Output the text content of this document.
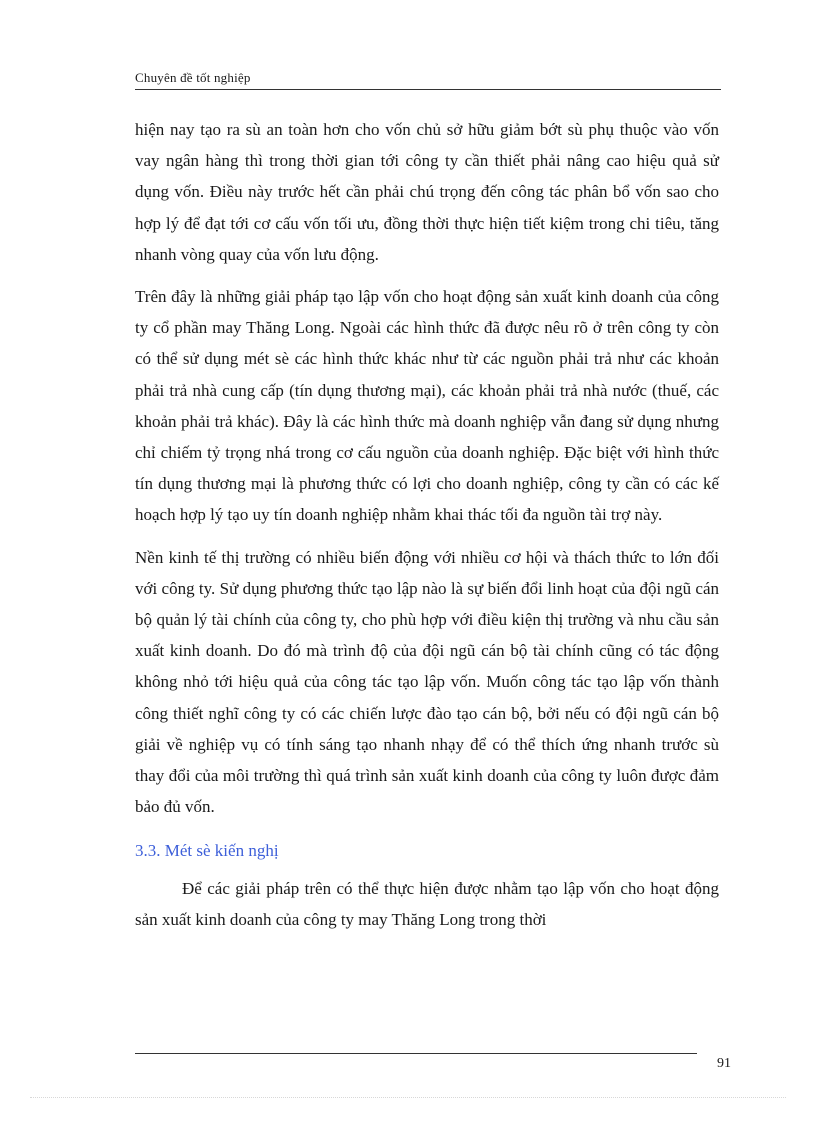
Chuyên đề tốt nghiệp

hiện nay tạo ra sù an toàn hơn cho vốn chủ sở hữu giảm bớt sù phụ thuộc vào vốn vay ngân hàng thì trong thời gian tới công ty cần thiết phải nâng cao hiệu quả sử dụng vốn. Điều này trước hết cần phải chú trọng đến công tác phân bổ vốn sao cho hợp lý để đạt tới cơ cấu vốn tối ưu, đồng thời thực hiện tiết kiệm trong chi tiêu, tăng nhanh vòng quay của vốn lưu động.

Trên đây là những giải pháp tạo lập vốn cho hoạt động sản xuất kinh doanh của công ty cổ phần may Thăng Long. Ngoài các hình thức đã được nêu rõ ở trên công ty còn có thể sử dụng mét sè các hình thức khác như từ các nguồn phải trả như các khoản phải trả nhà cung cấp (tín dụng thương mại), các khoản phải trả nhà nước (thuế, các khoản phải trả khác). Đây là các hình thức mà doanh nghiệp vẫn đang sử dụng nhưng chỉ chiếm tỷ trọng nhá trong cơ cấu nguồn của doanh nghiệp. Đặc biệt với hình thức tín dụng thương mại là phương thức có lợi cho doanh nghiệp, công ty cần có các kế hoạch hợp lý tạo uy tín doanh nghiệp nhằm khai thác tối đa nguồn tài trợ này.

Nền kinh tế thị trường có nhiều biến động với nhiều cơ hội và thách thức to lớn đối với công ty. Sử dụng phương thức tạo lập nào là sự biến đổi linh hoạt của đội ngũ cán bộ quản lý tài chính của công ty, cho phù hợp với điều kiện thị trường và nhu cầu sản xuất kinh doanh. Do đó mà trình độ của đội ngũ cán bộ tài chính cũng có tác động không nhỏ tới hiệu quả của công tác tạo lập vốn. Muốn công tác tạo lập vốn thành công thiết nghĩ công ty có các chiến lược đào tạo cán bộ, bởi nếu có đội ngũ cán bộ giải về nghiệp vụ có tính sáng tạo nhanh nhạy để có thể thích ứng nhanh trước sù thay đổi của môi trường thì quá trình sản xuất kinh doanh của công ty luôn được đảm bảo đủ vốn.

3.3. Mét sè kiến nghị

Để các giải pháp trên có thể thực hiện được nhằm tạo lập vốn cho hoạt động sản xuất kinh doanh của công ty may Thăng Long trong thời

91
